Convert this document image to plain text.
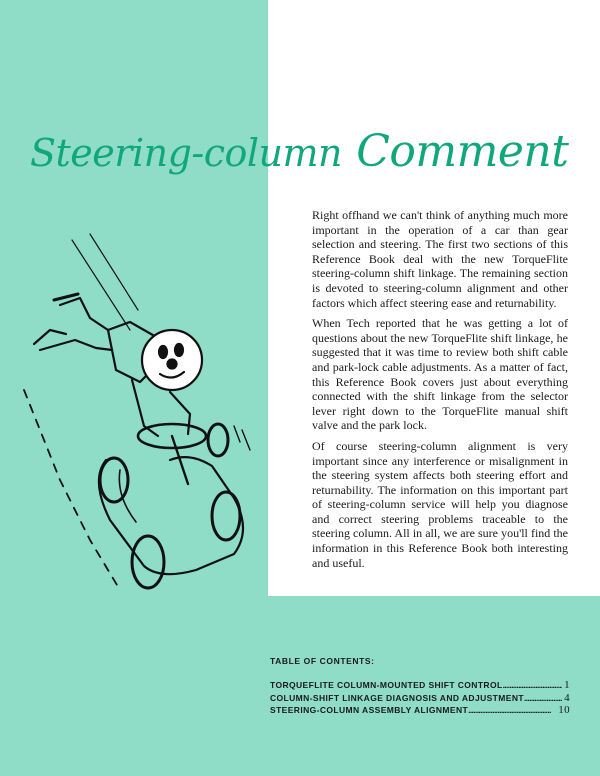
Steering-column Comment

Right offhand we can't think of anything much more important in the operation of a car than gear selection and steering. The first two sections of this Reference Book deal with the new TorqueFlite steering-column shift linkage. The remaining section is devoted to steering-column alignment and other factors which affect steering ease and returnability.

When Tech reported that he was getting a lot of questions about the new TorqueFlite shift linkage, he suggested that it was time to review both shift cable and park-lock cable adjustments. As a matter of fact, this Reference Book covers just about everything connected with the shift linkage from the selector lever right down to the TorqueFlite manual shift valve and the park lock.

Of course steering-column alignment is very important since any interference or misalignment in the steering system affects both steering effort and returnability. The information on this important part of steering-column service will help you diagnose and correct steering problems traceable to the steering column. All in all, we are sure you'll find the information in this Reference Book both interesting and useful.

TABLE OF CONTENTS:
TORQUEFLITE COLUMN-MOUNTED SHIFT CONTROL . . .	1
COLUMN-SHIFT LINKAGE DIAGNOSIS AND ADJUSTMENT . . .	4
STEERING-COLUMN ASSEMBLY ALIGNMENT . . .	10
